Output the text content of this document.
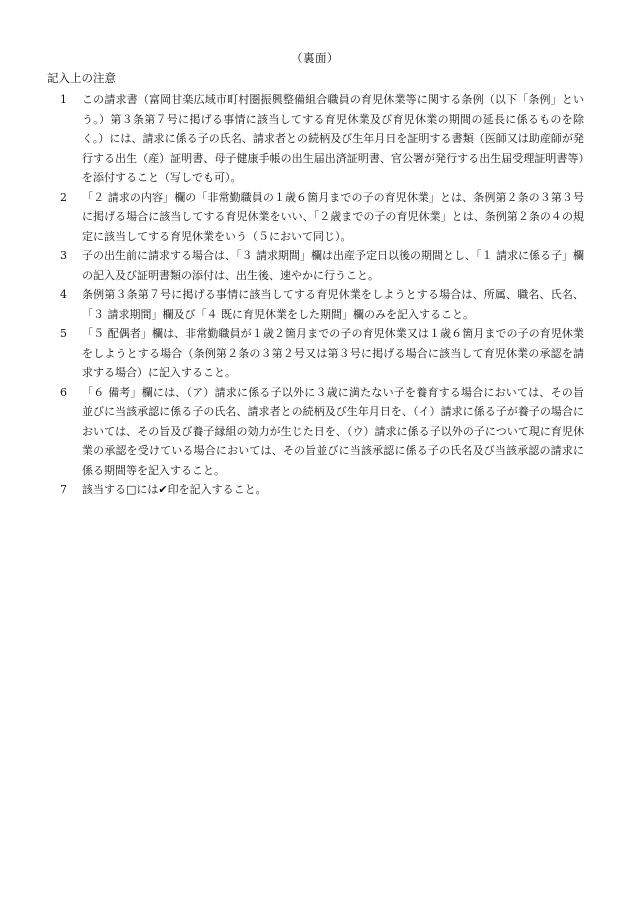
（裏面）
記入上の注意
1	この請求書（富岡甘楽広域市町村圏振興整備組合職員の育児休業等に関する条例（以下「条例」という。）第３条第７号に掲げる事情に該当してする育児休業及び育児休業の期間の延長に係るものを除く。）には、請求に係る子の氏名、請求者との続柄及び生年月日を証明する書類（医師又は助産師が発行する出生（産）証明書、母子健康手帳の出生届出済証明書、官公署が発行する出生届受理証明書等）を添付すること（写しでも可）。
2	「２ 請求の内容」欄の「非常勤職員の１歳６箇月までの子の育児休業」とは、条例第２条の３第３号に掲げる場合に該当してする育児休業をいい、「２歳までの子の育児休業」とは、条例第２条の４の規定に該当してする育児休業をいう（５において同じ）。
3	子の出生前に請求する場合は、「３ 請求期間」欄は出産予定日以後の期間とし、「１ 請求に係る子」欄の記入及び証明書類の添付は、出生後、速やかに行うこと。
4	条例第３条第７号に掲げる事情に該当してする育児休業をしようとする場合は、所属、職名、氏名、「３ 請求期間」欄及び「４ 既に育児休業をした期間」欄のみを記入すること。
5	「５ 配偶者」欄は、非常勤職員が１歳２箇月までの子の育児休業又は１歳６箇月までの子の育児休業をしようとする場合（条例第２条の３第２号又は第３号に掲げる場合に該当して育児休業の承認を請求する場合）に記入すること。
6	「６ 備考」欄には、（ア）請求に係る子以外に３歳に満たない子を養育する場合においては、その旨並びに当該承認に係る子の氏名、請求者との続柄及び生年月日を、（イ）請求に係る子が養子の場合においては、その旨及び養子縁組の効力が生じた日を、（ウ）請求に係る子以外の子について現に育児休業の承認を受けている場合においては、その旨並びに当該承認に係る子の氏名及び当該承認の請求に係る期間等を記入すること。
7	該当する□には✔印を記入すること。
